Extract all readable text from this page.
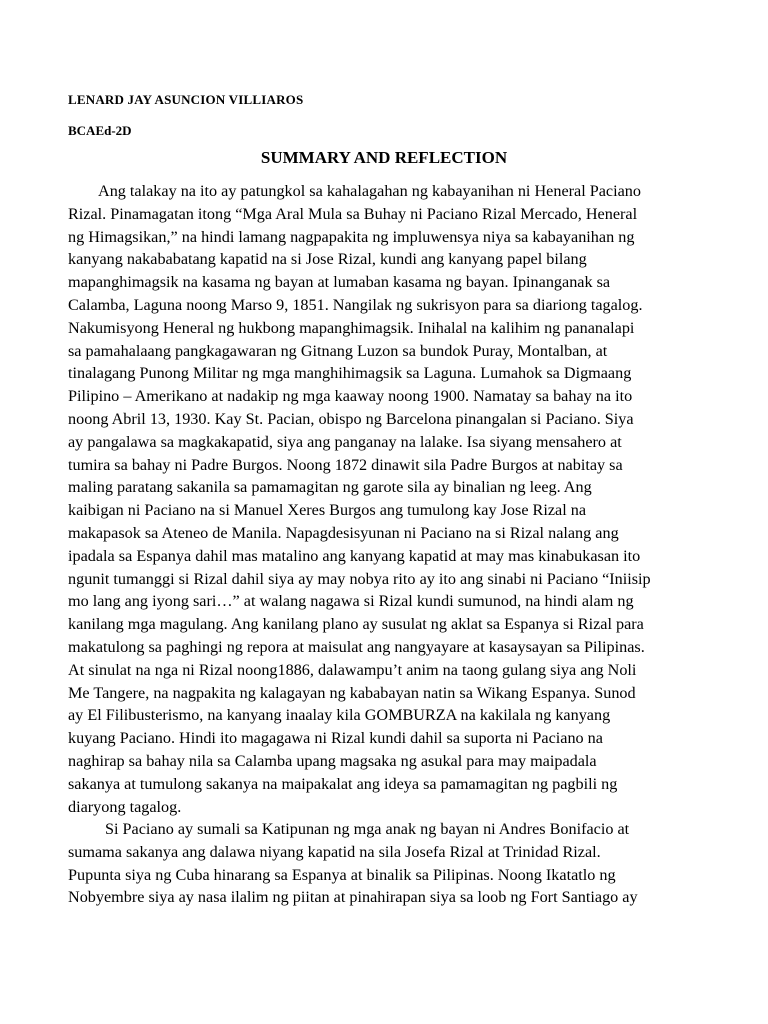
LENARD JAY ASUNCION VILLIAROS
BCAEd-2D
SUMMARY AND REFLECTION
Ang talakay na ito ay patungkol sa kahalagahan ng kabayanihan ni Heneral Paciano
Rizal. Pinamagatan itong “Mga Aral Mula sa Buhay ni Paciano Rizal Mercado, Heneral
ng Himagsikan,” na hindi lamang nagpapakita ng impluwensya niya sa kabayanihan ng
kanyang nakababatang kapatid na si Jose Rizal, kundi ang kanyang papel bilang
mapanghimagsik na kasama ng bayan at lumaban kasama ng bayan. Ipinanganak sa
Calamba, Laguna noong Marso 9, 1851. Nangilak ng sukrisyon para sa diariong tagalog.
Nakumisyong Heneral ng hukbong mapanghimagsik. Inihalal na kalihim ng pananalapi
sa pamahalaang pangkagawaran ng Gitnang Luzon sa bundok Puray, Montalban, at
tinalagang Punong Militar ng mga manghihimagsik sa Laguna. Lumahok sa Digmaang
Pilipino – Amerikano at nadakip ng mga kaaway noong 1900. Namatay sa bahay na ito
noong Abril 13, 1930. Kay St. Pacian, obispo ng Barcelona pinangalan si Paciano. Siya
ay pangalawa sa magkakapatid, siya ang panganay na lalake. Isa siyang mensahero at
tumira sa bahay ni Padre Burgos. Noong 1872 dinawit sila Padre Burgos at nabitay sa
maling paratang sakanila sa pamamagitan ng garote sila ay binalian ng leeg. Ang
kaibigan ni Paciano na si Manuel Xeres Burgos ang tumulong kay Jose Rizal na
makapasok sa Ateneo de Manila. Napagdesisyunan ni Paciano na si Rizal nalang ang
ipadala sa Espanya dahil mas matalino ang kanyang kapatid at may mas kinabukasan ito
ngunit tumanggi si Rizal dahil siya ay may nobya rito ay ito ang sinabi ni Paciano “Iniisip
mo lang ang iyong sari…” at walang nagawa si Rizal kundi sumunod, na hindi alam ng
kanilang mga magulang. Ang kanilang plano ay susulat ng aklat sa Espanya si Rizal para
makatulong sa paghingi ng repora at maisulat ang nangyayare at kasaysayan sa Pilipinas.
At sinulat na nga ni Rizal noong1886, dalawampu’t anim na taong gulang siya ang Noli
Me Tangere, na nagpakita ng kalagayan ng kababayan natin sa Wikang Espanya. Sunod
ay El Filibusterismo, na kanyang inaalay kila GOMBURZA na kakilala ng kanyang
kuyang Paciano. Hindi ito magagawa ni Rizal kundi dahil sa suporta ni Paciano na
naghirap sa bahay nila sa Calamba upang magsaka ng asukal para may maipadala
sakanya at tumulong sakanya na maipakalat ang ideya sa pamamagitan ng pagbili ng
diaryong tagalog.
Si Paciano ay sumali sa Katipunan ng mga anak ng bayan ni Andres Bonifacio at
sumama sakanya ang dalawa niyang kapatid na sila Josefa Rizal at Trinidad Rizal.
Pupunta siya ng Cuba hinarang sa Espanya at binalik sa Pilipinas. Noong Ikatatlo ng
Nobyembre siya ay nasa ilalim ng piitan at pinahirapan siya sa loob ng Fort Santiago ay
